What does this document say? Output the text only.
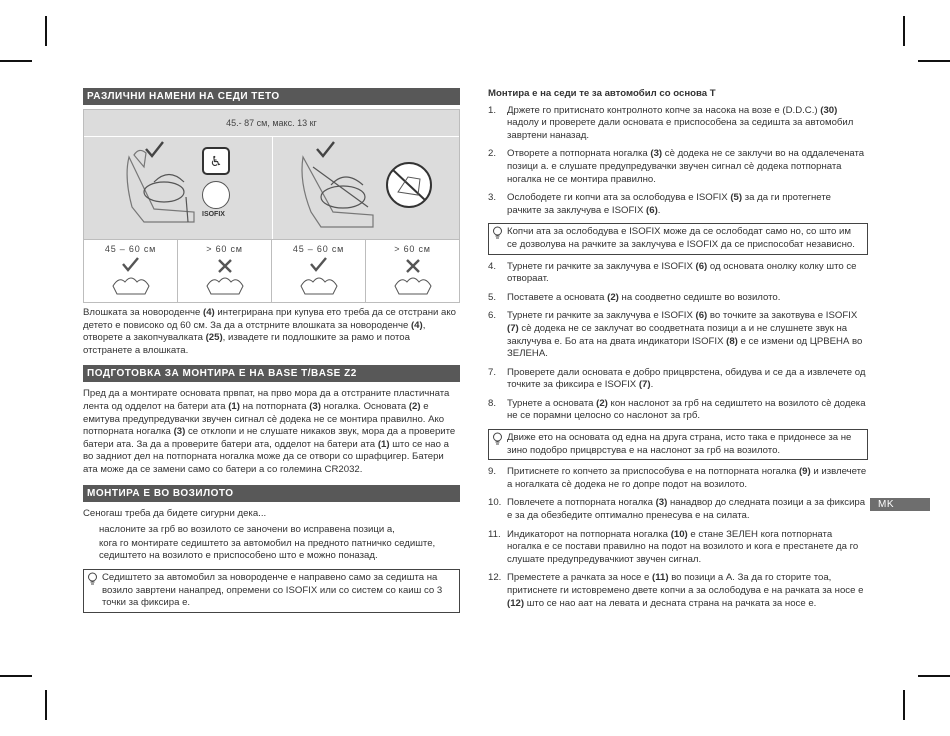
РАЗЛИЧНИ НАМЕНИ НА СЕДИ ТЕТО
45.- 87 см, макс. 13 кг
♿
ISOFIX
45 – 60 см	> 60 см	45 – 60 см	> 60 см

Влошката за новороденче (4) интегрирана при купува ето треба да се отстрани ако детето е повисоко од 60 см. За да а отстрните влошката за новороденче (4), отворете а закопчувалката (25), извадете ги подлошките за рамо и потоа отстранете а влошката.

ПОДГОТОВКА ЗА МОНТИРА Е НА BASE T/BASE Z2

Пред да а монтирате основата првпат, на прво мора да а отстраните пластичната лента од одделот на батери ата (1) на потпорната (3) ногалка. Основата (2) е емитува предупредувачки звучен сигнал сѐ додека не се монтира правилно. Ако потпорната ногалка (3) се отклопи и не слушате никаков звук, мора да а проверите батери ата. За да а проверите батери ата, одделот на батери ата (1) што се нао а во задниот дел на потпорната ногалка може да се отвори со шрафцигер. Батери ата може да се замени само со батери а со големина CR2032.

МОНТИРА Е ВО ВОЗИЛОТО

Сеногаш треба да бидете сигурни дека...

наслоните за грб во возилото се заночени во исправена позици а,
кога го монтирате седиштето за автомобил на предното патничко седиште, седиштето на возилото е приспособено што е можно поназад.
Седиштето за автомобил за новороденче е направено само за седишта на возило завртени нанапред, опремени со ISOFIX или со систем со каиш со 3 точки за фиксира е.
Монтира е на седи те за автомобил со основа T
1. Држете го притиснато контролното копче за насока на возе е (D.D.C.) (30) надолу и проверете дали основата е приспособена за седишта за автомобил завртени наназад.
2. Отворете а потпорната ногалка (3) сѐ додека не се заклучи во на оддалечената позици а. е слушате предупредувачки звучен сигнал сѐ додека потпорната ногалка не се монтира правилно.
3. Ослободете ги копчи ата за ослободува е ISOFIX (5) за да ги протегнете рачките за заклучува е ISOFIX (6).
Копчи ата за ослободува е ISOFIX може да се ослободат само но, со што им се дозволува на рачките за заклучува е ISOFIX да се приспособат независно.
4. Турнете ги рачките за заклучува е ISOFIX (6) од основата онолку колку што се отвораат.
5. Поставете а основата (2) на соодветно седиште во возилото.
6. Турнете ги рачките за заклучува е ISOFIX (6) во точките за закотвува е ISOFIX (7) сѐ додека не се заклучат во соодветната позици а и не слушнете звук на заклучува е. Бо ата на двата индикатори ISOFIX (8) е се измени од ЦРВЕНА во ЗЕЛЕНА.
7. Проверете дали основата е добро прицврстена, обидува и се да а извлечете од точките за фиксира е ISOFIX (7).
8. Турнете а основата (2) кон наслонот за грб на седиштето на возилото сѐ додека не се порамни целосно со наслонот за грб.
Движе ето на основата од една на друга страна, исто така е придонесе за не зино подобро прицврстува е на наслонот за грб на возилото.
9. Притиснете го копчето за приспособува е на потпорната ногалка (9) и извлечете а ногалката сѐ додека не го допре подот на возилото.
10. Повлечете а потпорната ногалка (3) нанадвор до следната позици а за фиксира е за да обезбедите оптимално пренесува е на силата.
11. Индикаторот на потпорната ногалка (10) е стане ЗЕЛЕН кога потпорната ногалка е се постави правилно на подот на возилото и кога е престанете да го слушате предупредувачкиот звучен сигнал.
12. Преместете а рачката за носе е (11) во позици а A. За да го сторите тоа, притиснете ги истовремено двете копчи а за ослободува е на рачката за носе е (12) што се нао аат на левата и десната страна на рачката за носе е.
MK
